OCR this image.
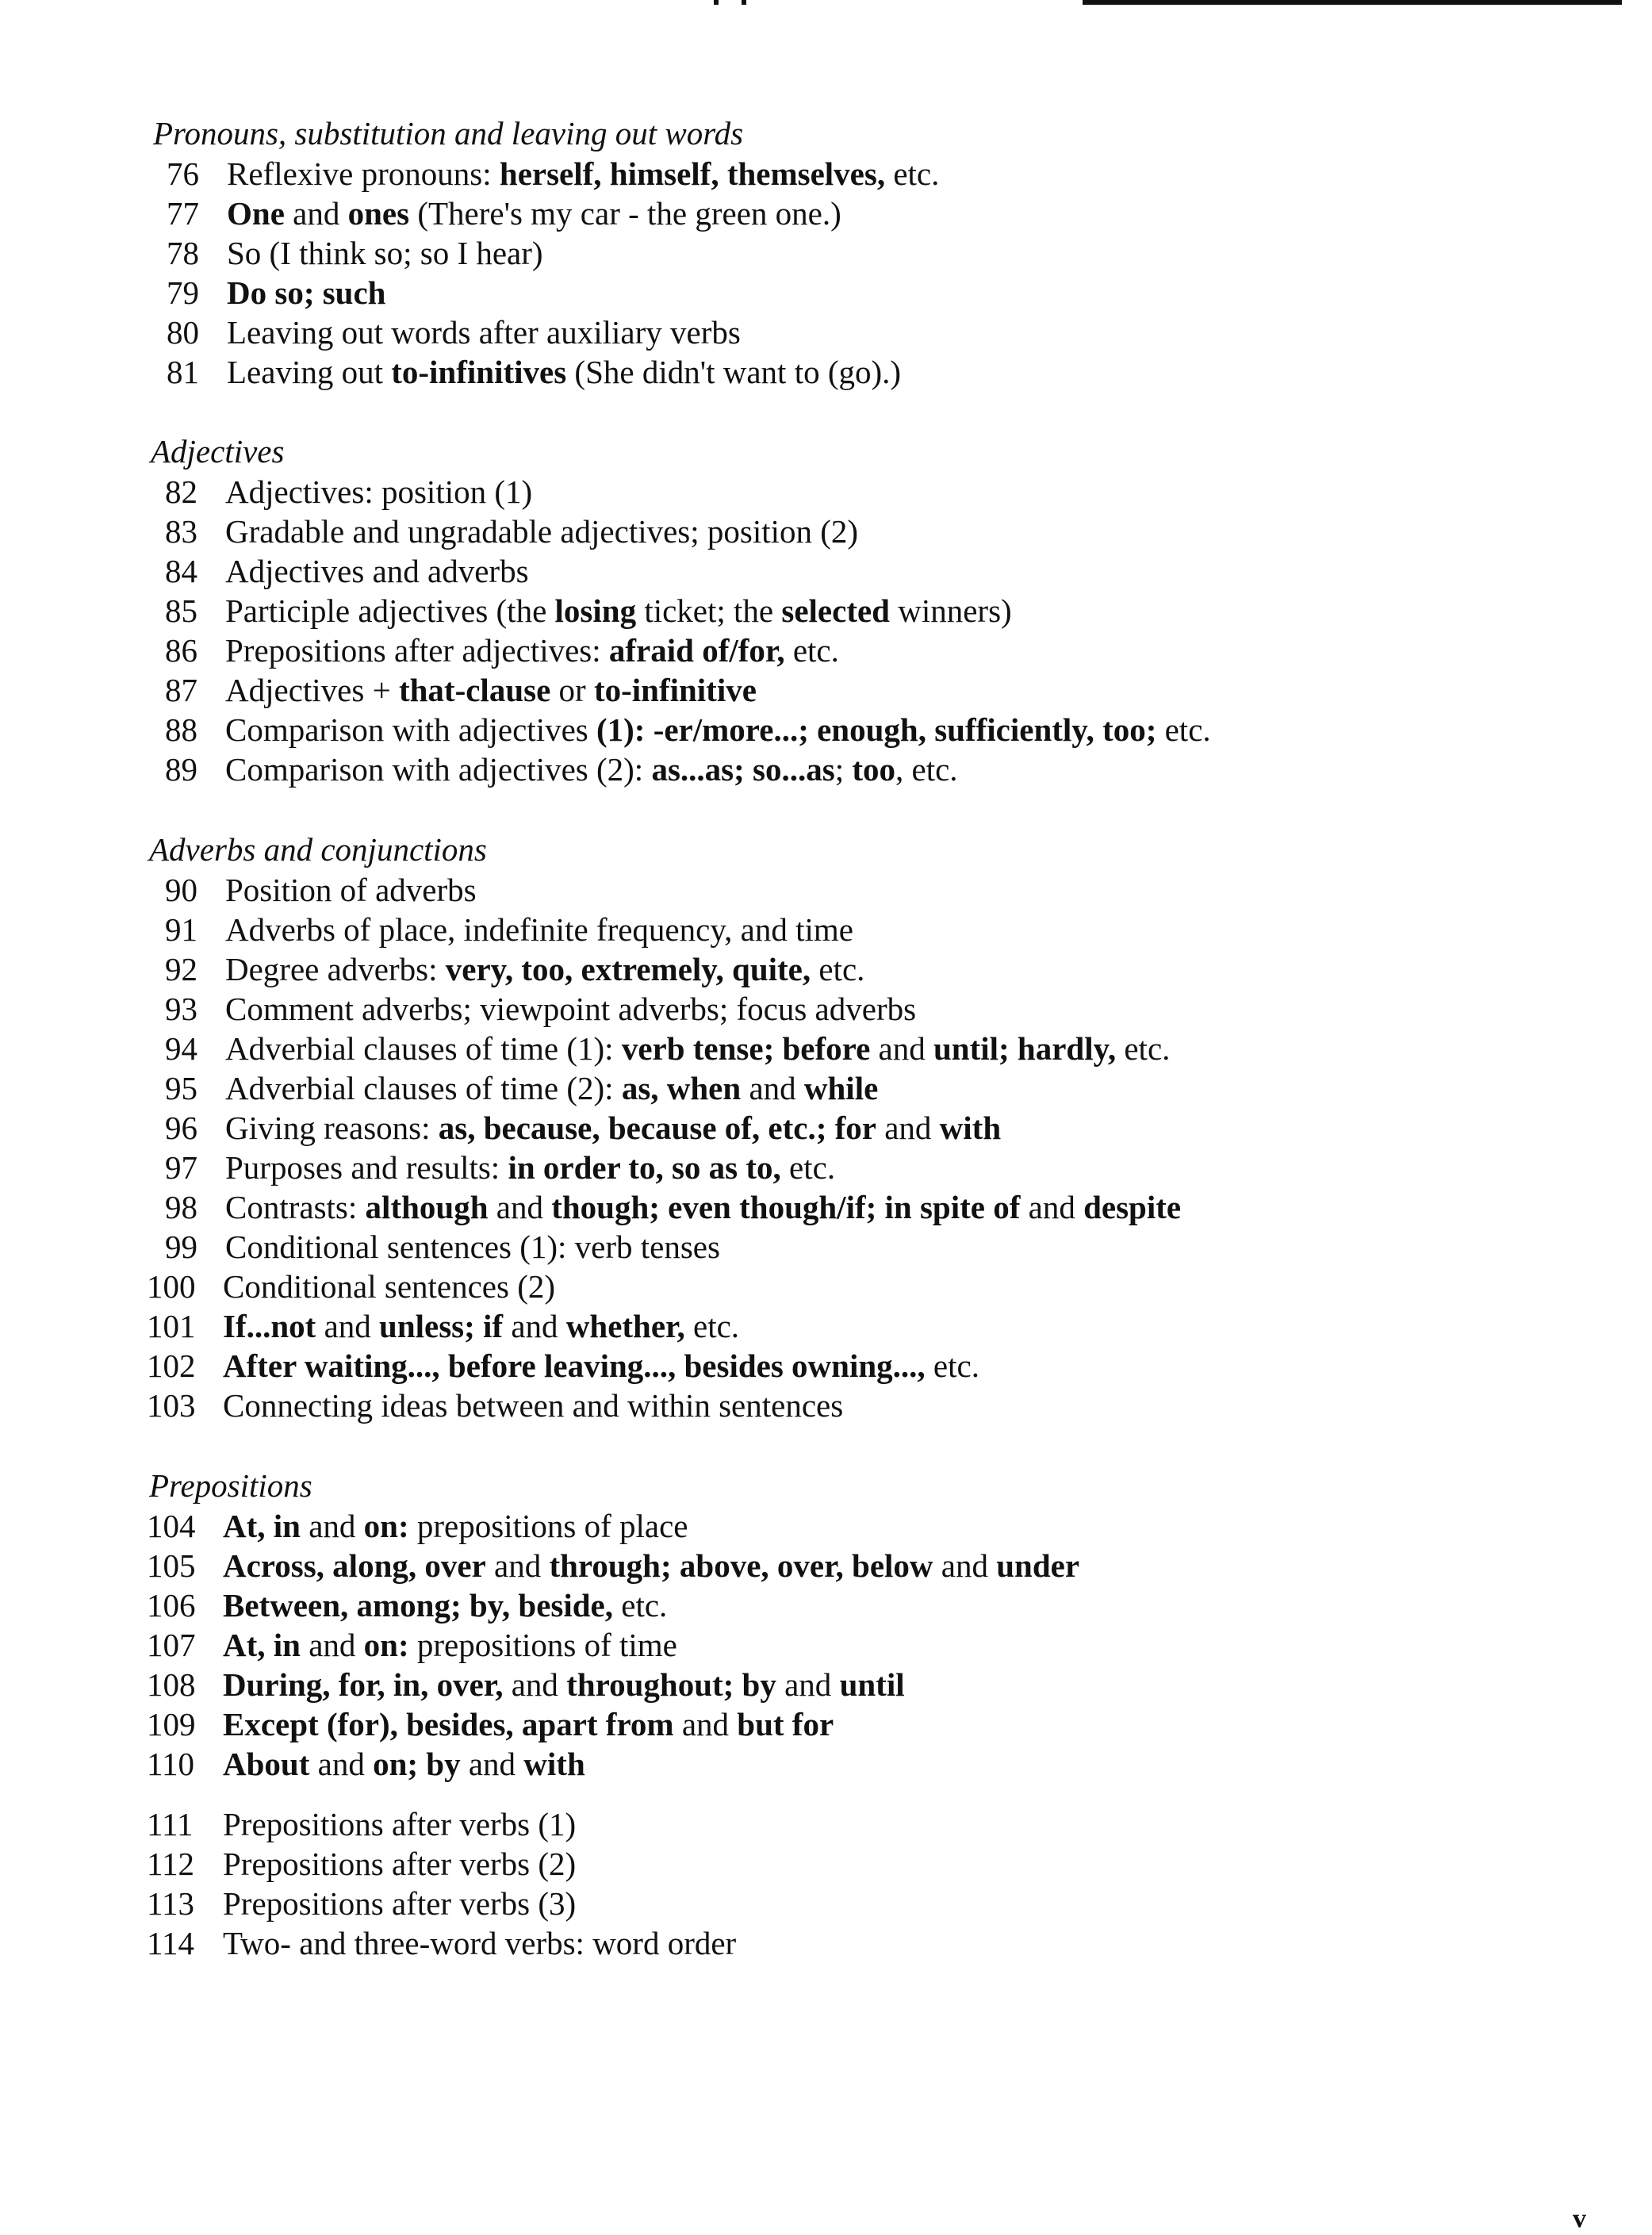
Pronouns, substitution and leaving out words
76 Reflexive pronouns: herself, himself, themselves, etc.
77 One and ones (There's my car - the green one.)
78 So (I think so; so I hear)
79 Do so; such
80 Leaving out words after auxiliary verbs
81 Leaving out to-infinitives (She didn't want to (go).)
Adjectives
82 Adjectives: position (1)
83 Gradable and ungradable adjectives; position (2)
84 Adjectives and adverbs
85 Participle adjectives (the losing ticket; the selected winners)
86 Prepositions after adjectives: afraid of/for, etc.
87 Adjectives + that-clause or to-infinitive
88 Comparison with adjectives (1): -er/more...; enough, sufficiently, too; etc.
89 Comparison with adjectives (2): as...as; so...as; too, etc.
Adverbs and conjunctions
90 Position of adverbs
91 Adverbs of place, indefinite frequency, and time
92 Degree adverbs: very, too, extremely, quite, etc.
93 Comment adverbs; viewpoint adverbs; focus adverbs
94 Adverbial clauses of time (1): verb tense; before and until; hardly, etc.
95 Adverbial clauses of time (2): as, when and while
96 Giving reasons: as, because, because of, etc.; for and with
97 Purposes and results: in order to, so as to, etc.
98 Contrasts: although and though; even though/if; in spite of and despite
99 Conditional sentences (1): verb tenses
100 Conditional sentences (2)
101 If...not and unless; if and whether, etc.
102 After waiting..., before leaving..., besides owning..., etc.
103 Connecting ideas between and within sentences
Prepositions
104 At, in and on: prepositions of place
105 Across, along, over and through; above, over, below and under
106 Between, among; by, beside, etc.
107 At, in and on: prepositions of time
108 During, for, in, over, and throughout; by and until
109 Except (for), besides, apart from and but for
110 About and on; by and with
111 Prepositions after verbs (1)
112 Prepositions after verbs (2)
113 Prepositions after verbs (3)
114 Two- and three-word verbs: word order
v
